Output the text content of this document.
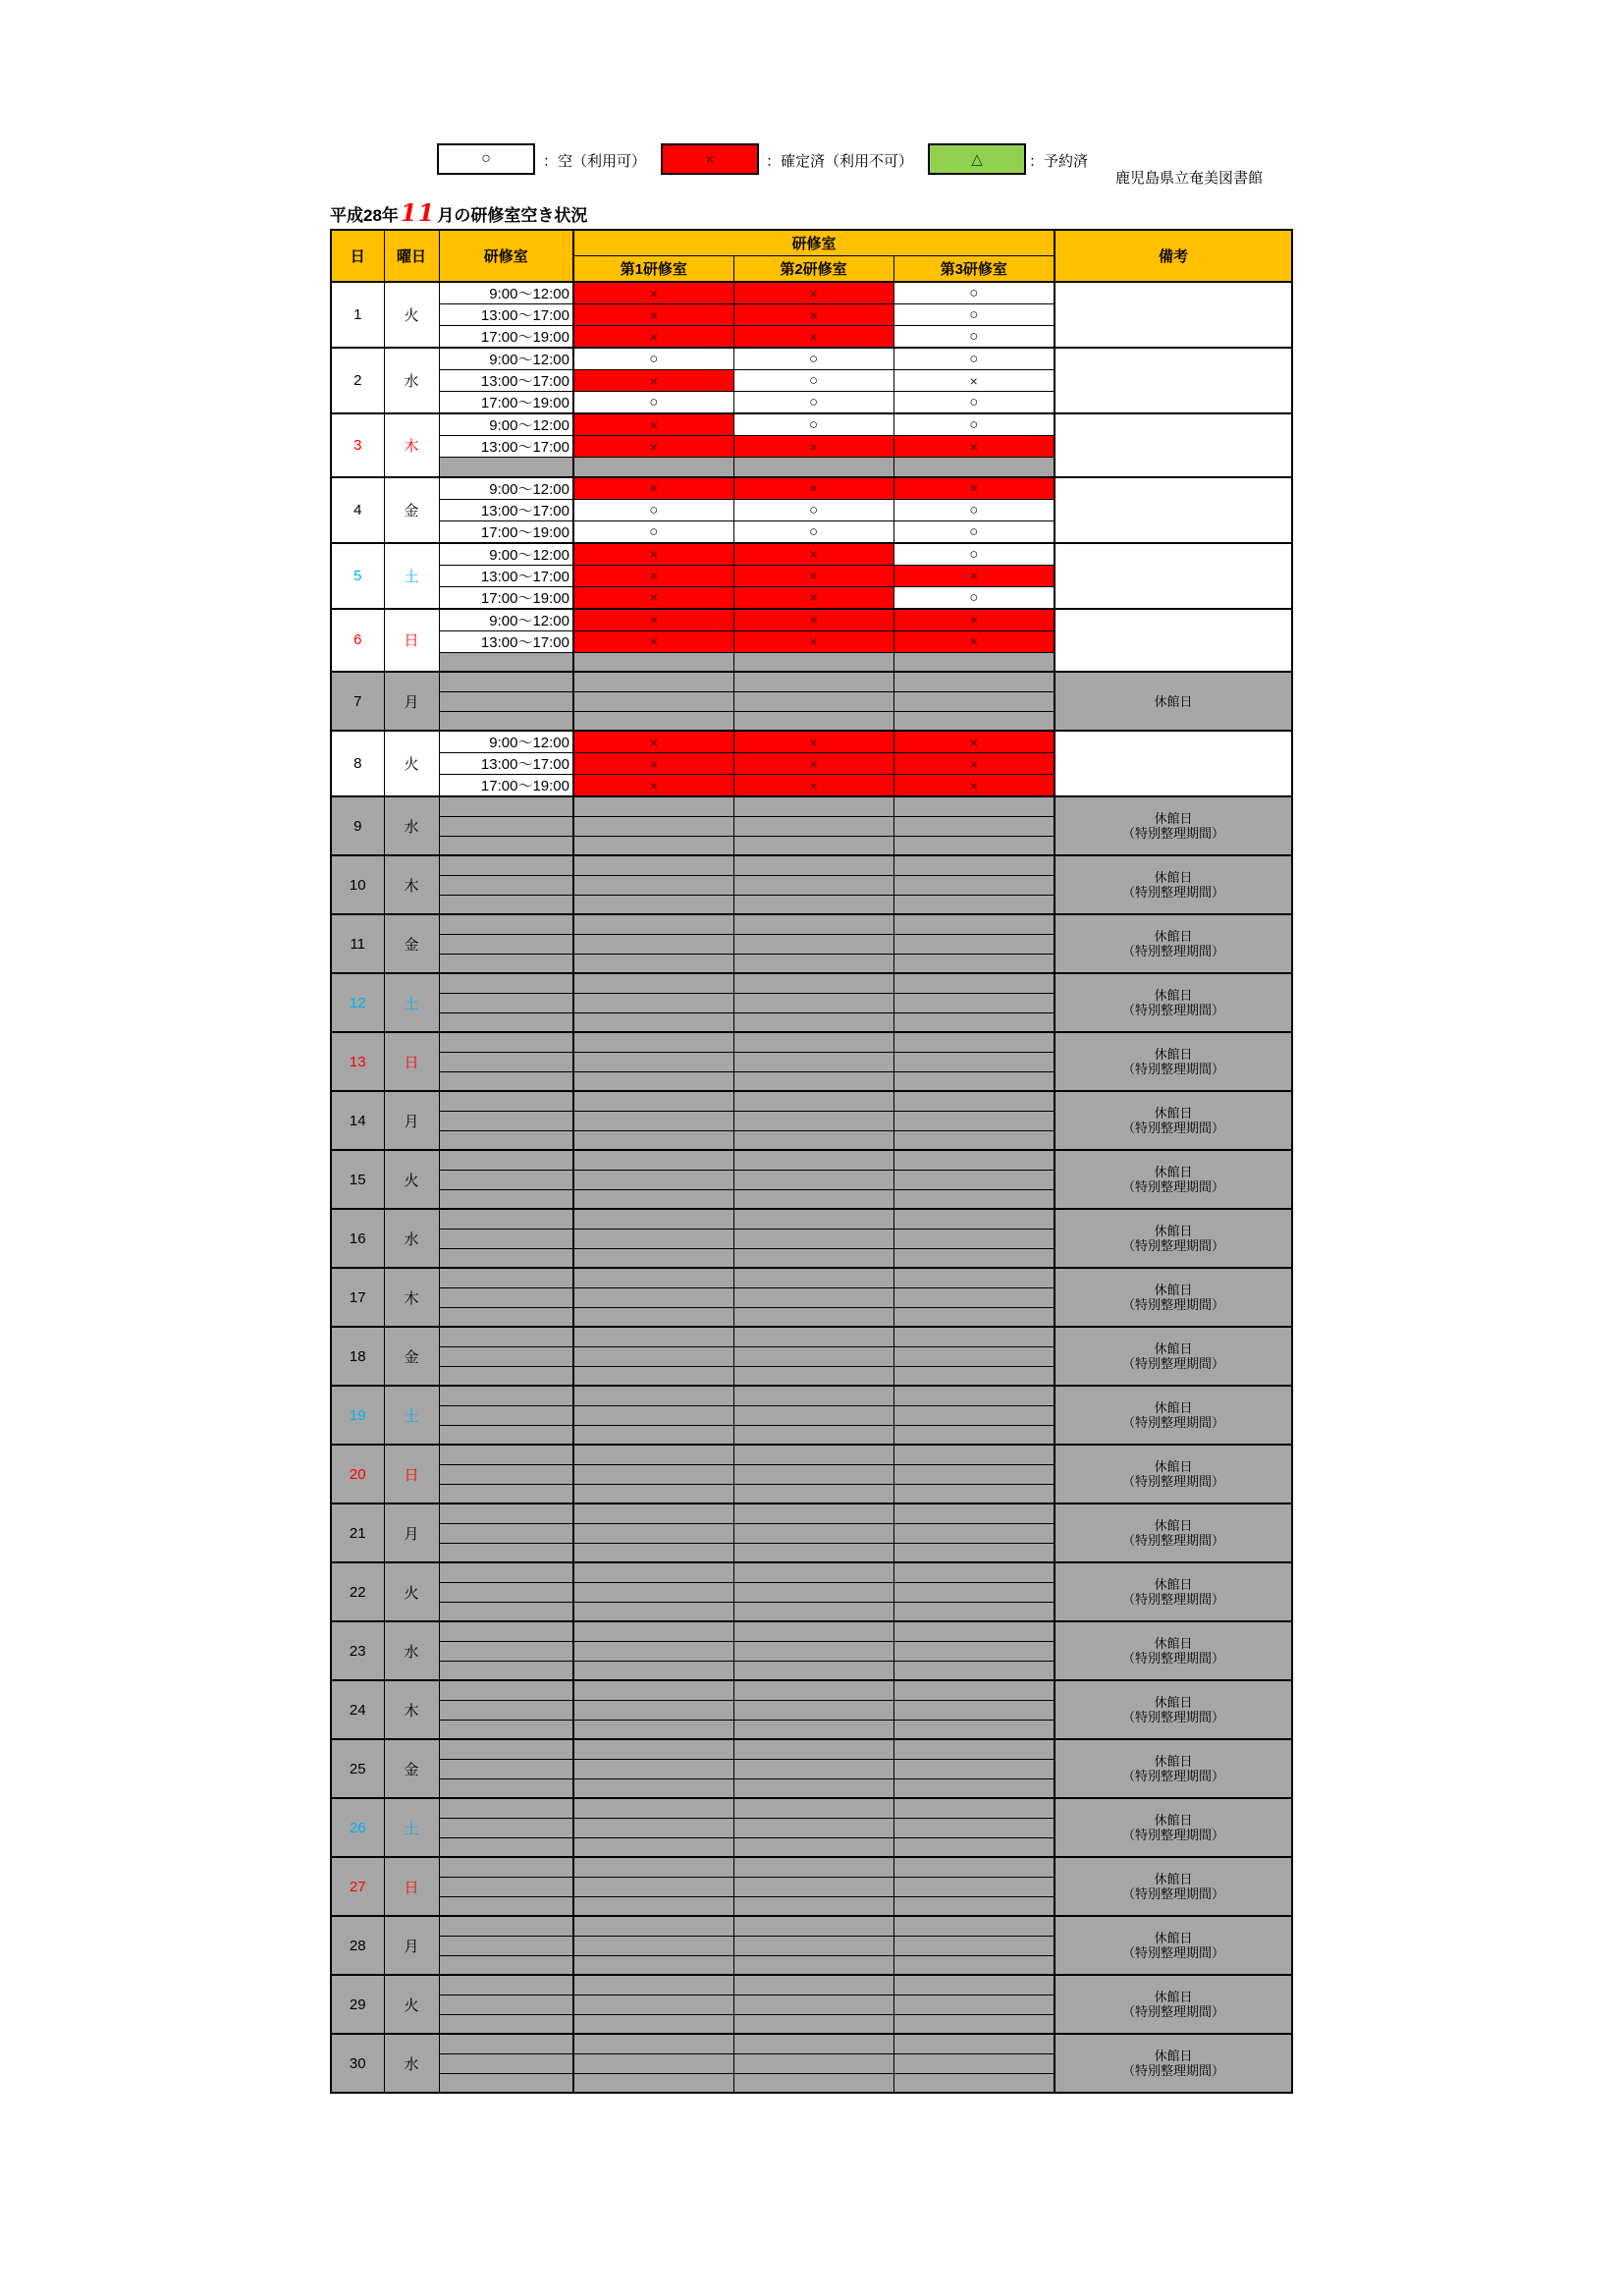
○	：空（利用可）	×	：確定済（利用不可）	△	：予約済
鹿児島県立奄美図書館
平成28年11 月の研修室空き状況
日	曜日	研修室	研修室			備考
			第1研修室	第2研修室	第3研修室	
1	火	9:00～12:00	×	×	○	
		13:00～17:00	×	×	○	
		17:00～19:00	×	×	○	
2	水	9:00～12:00	○	○	○	
		13:00～17:00	×	○	×	
		17:00～19:00	○	○	○	
3	木	9:00～12:00	×	○	○	
		13:00～17:00	×	×	×	

4	金	9:00～12:00	×	×	×	
		13:00～17:00	○	○	○	
		17:00～19:00	○	○	○	
5	土	9:00～12:00	×	×	○	
		13:00～17:00	×	×	×	
		17:00～19:00	×	×	○	
6	日	9:00～12:00	×	×	×	
		13:00～17:00	×	×	×	

7	月					休館日

8	火	9:00～12:00	×	×	×	
		13:00～17:00	×	×	×	
		17:00～19:00	×	×	×	
9	水					休館日
（特別整理期間）

10	木					休館日
（特別整理期間）

11	金					休館日
（特別整理期間）

12	土					休館日
（特別整理期間）

13	日					休館日
（特別整理期間）

14	月					休館日
（特別整理期間）

15	火					休館日
（特別整理期間）

16	水					休館日
（特別整理期間）

17	木					休館日
（特別整理期間）

18	金					休館日
（特別整理期間）

19	土					休館日
（特別整理期間）

20	日					休館日
（特別整理期間）

21	月					休館日
（特別整理期間）

22	火					休館日
（特別整理期間）

23	水					休館日
（特別整理期間）

24	木					休館日
（特別整理期間）

25	金					休館日
（特別整理期間）

26	土					休館日
（特別整理期間）

27	日					休館日
（特別整理期間）

28	月					休館日
（特別整理期間）

29	火					休館日
（特別整理期間）

30	水					休館日
（特別整理期間）
